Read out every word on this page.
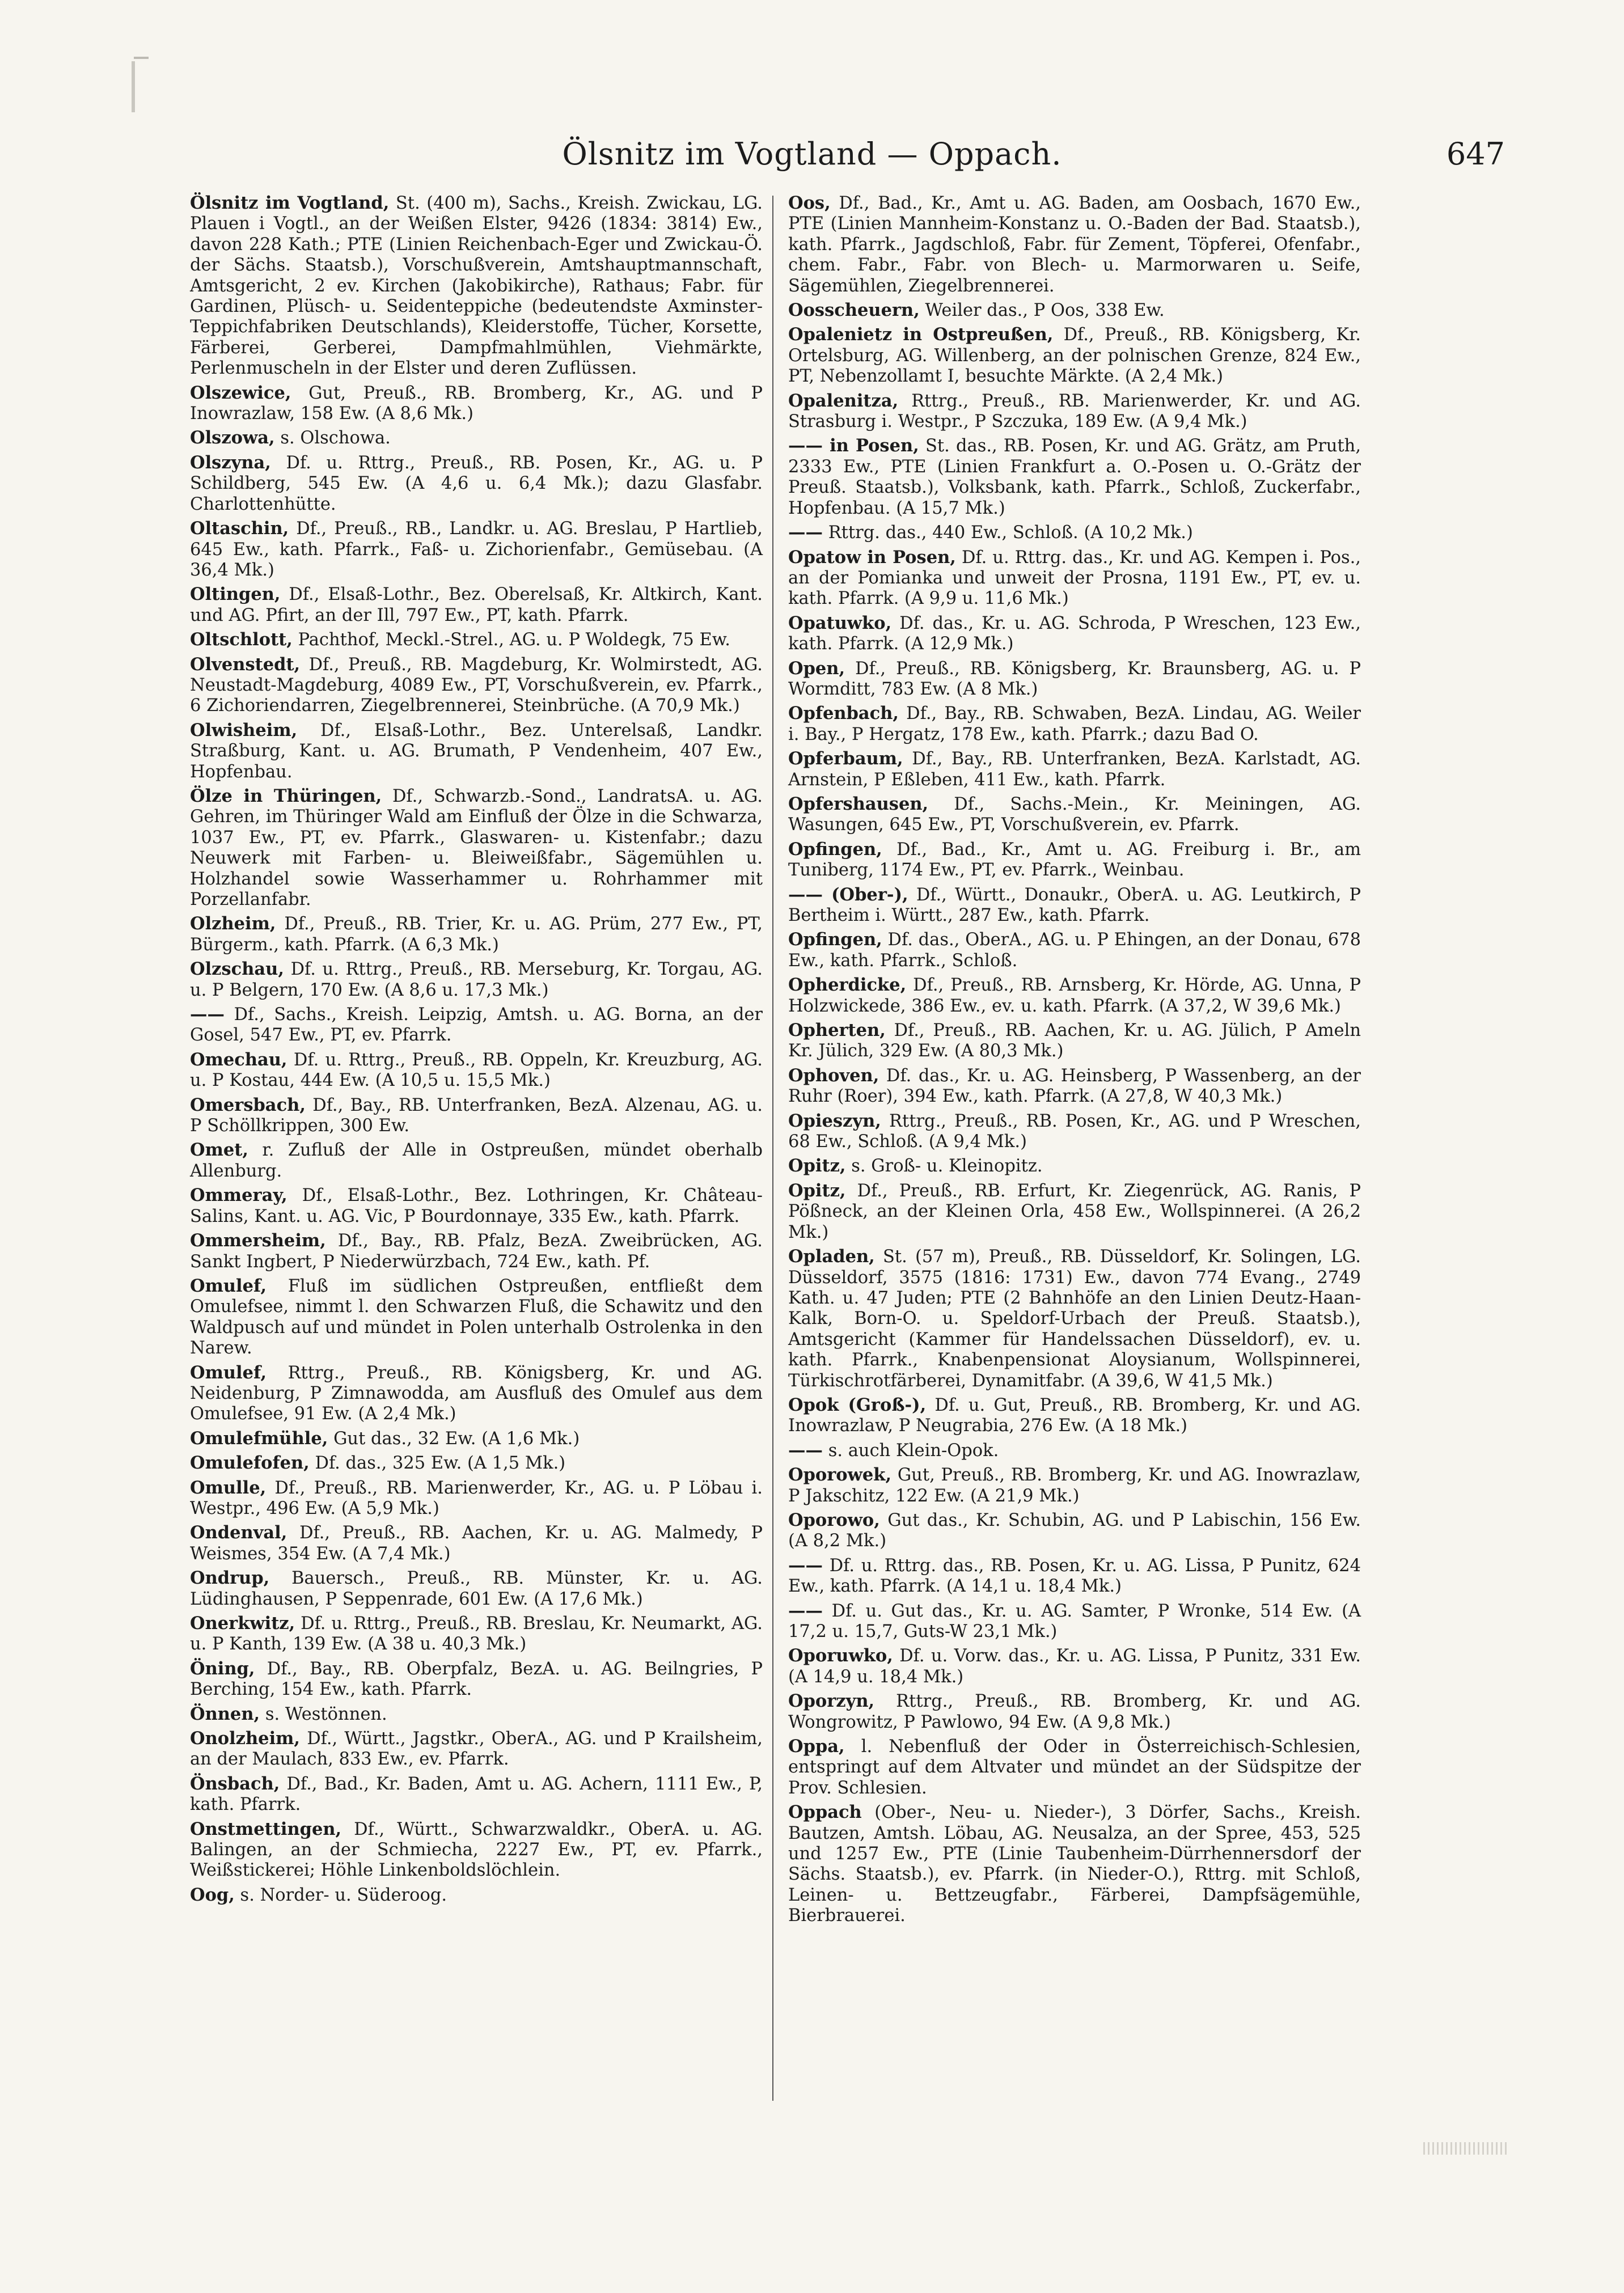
Ölsnitz im Vogtland — Oppach.	647

Ölsnitz im Vogtland, St. (400 m), Sachs., Kreish. Zwickau, LG. Plauen i Vogtl., an der Weißen Elster, 9426 (1834: 3814) Ew., davon 228 Kath.; PTE (Linien Reichenbach-Eger und Zwickau-Ö. der Sächs. Staatsb.), Vorschußverein, Amtshauptmannschaft, Amtsgericht, 2 ev. Kirchen (Jakobikirche), Rathaus; Fabr. für Gardinen, Plüsch- u. Seidenteppiche (bedeutendste Axminster-Teppichfabriken Deutschlands), Kleiderstoffe, Tücher, Korsette, Färberei, Gerberei, Dampfmahlmühlen, Viehmärkte, Perlenmuscheln in der Elster und deren Zuflüssen.

Olszewice, Gut, Preuß., RB. Bromberg, Kr., AG. und P Inowrazlaw, 158 Ew. (A 8,6 Mk.)

Olszowa, s. Olschowa.

Olszyna, Df. u. Rttrg., Preuß., RB. Posen, Kr., AG. u. P Schildberg, 545 Ew. (A 4,6 u. 6,4 Mk.); dazu Glasfabr. Charlottenhütte.

Oltaschin, Df., Preuß., RB., Landkr. u. AG. Breslau, P Hartlieb, 645 Ew., kath. Pfarrk., Faß- u. Zichorienfabr., Gemüsebau. (A 36,4 Mk.)

Oltingen, Df., Elsaß-Lothr., Bez. Oberelsaß, Kr. Altkirch, Kant. und AG. Pfirt, an der Ill, 797 Ew., PT, kath. Pfarrk.

Oltschlott, Pachthof, Meckl.-Strel., AG. u. P Woldegk, 75 Ew.

Olvenstedt, Df., Preuß., RB. Magdeburg, Kr. Wolmirstedt, AG. Neustadt-Magdeburg, 4089 Ew., PT, Vorschußverein, ev. Pfarrk., 6 Zichoriendarren, Ziegelbrennerei, Steinbrüche. (A 70,9 Mk.)

Olwisheim, Df., Elsaß-Lothr., Bez. Unterelsaß, Landkr. Straßburg, Kant. u. AG. Brumath, P Vendenheim, 407 Ew., Hopfenbau.

Ölze in Thüringen, Df., Schwarzb.-Sond., LandratsA. u. AG. Gehren, im Thüringer Wald am Einfluß der Ölze in die Schwarza, 1037 Ew., PT, ev. Pfarrk., Glaswaren- u. Kistenfabr.; dazu Neuwerk mit Farben- u. Bleiweißfabr., Sägemühlen u. Holzhandel sowie Wasserhammer u. Rohrhammer mit Porzellanfabr.

Olzheim, Df., Preuß., RB. Trier, Kr. u. AG. Prüm, 277 Ew., PT, Bürgerm., kath. Pfarrk. (A 6,3 Mk.)

Olzschau, Df. u. Rttrg., Preuß., RB. Merseburg, Kr. Torgau, AG. u. P Belgern, 170 Ew. (A 8,6 u. 17,3 Mk.)

—— Df., Sachs., Kreish. Leipzig, Amtsh. u. AG. Borna, an der Gosel, 547 Ew., PT, ev. Pfarrk.

Omechau, Df. u. Rttrg., Preuß., RB. Oppeln, Kr. Kreuzburg, AG. u. P Kostau, 444 Ew. (A 10,5 u. 15,5 Mk.)

Omersbach, Df., Bay., RB. Unterfranken, BezA. Alzenau, AG. u. P Schöllkrippen, 300 Ew.

Omet, r. Zufluß der Alle in Ostpreußen, mündet oberhalb Allenburg.

Ommeray, Df., Elsaß-Lothr., Bez. Lothringen, Kr. Château-Salins, Kant. u. AG. Vic, P Bourdonnaye, 335 Ew., kath. Pfarrk.

Ommersheim, Df., Bay., RB. Pfalz, BezA. Zweibrücken, AG. Sankt Ingbert, P Niederwürzbach, 724 Ew., kath. Pf.

Omulef, Fluß im südlichen Ostpreußen, entfließt dem Omulefsee, nimmt l. den Schwarzen Fluß, die Schawitz und den Waldpusch auf und mündet in Polen unterhalb Ostrolenka in den Narew.

Omulef, Rttrg., Preuß., RB. Königsberg, Kr. und AG. Neidenburg, P Zimnawodda, am Ausfluß des Omulef aus dem Omulefsee, 91 Ew. (A 2,4 Mk.)

Omulefmühle, Gut das., 32 Ew. (A 1,6 Mk.)

Omulefofen, Df. das., 325 Ew. (A 1,5 Mk.)

Omulle, Df., Preuß., RB. Marienwerder, Kr., AG. u. P Löbau i. Westpr., 496 Ew. (A 5,9 Mk.)

Ondenval, Df., Preuß., RB. Aachen, Kr. u. AG. Malmedy, P Weismes, 354 Ew. (A 7,4 Mk.)

Ondrup, Bauersch., Preuß., RB. Münster, Kr. u. AG. Lüdinghausen, P Seppenrade, 601 Ew. (A 17,6 Mk.)

Onerkwitz, Df. u. Rttrg., Preuß., RB. Breslau, Kr. Neumarkt, AG. u. P Kanth, 139 Ew. (A 38 u. 40,3 Mk.)

Öning, Df., Bay., RB. Oberpfalz, BezA. u. AG. Beilngries, P Berching, 154 Ew., kath. Pfarrk.

Önnen, s. Westönnen.

Onolzheim, Df., Württ., Jagstkr., OberA., AG. und P Krailsheim, an der Maulach, 833 Ew., ev. Pfarrk.

Önsbach, Df., Bad., Kr. Baden, Amt u. AG. Achern, 1111 Ew., P, kath. Pfarrk.

Onstmettingen, Df., Württ., Schwarzwaldkr., OberA. u. AG. Balingen, an der Schmiecha, 2227 Ew., PT, ev. Pfarrk., Weißstickerei; Höhle Linkenboldslöchlein.

Oog, s. Norder- u. Süderoog.

Oos, Df., Bad., Kr., Amt u. AG. Baden, am Oosbach, 1670 Ew., PTE (Linien Mannheim-Konstanz u. O.-Baden der Bad. Staatsb.), kath. Pfarrk., Jagdschloß, Fabr. für Zement, Töpferei, Ofenfabr., chem. Fabr., Fabr. von Blech- u. Marmorwaren u. Seife, Sägemühlen, Ziegelbrennerei.

Oosscheuern, Weiler das., P Oos, 338 Ew.

Opalenietz in Ostpreußen, Df., Preuß., RB. Königsberg, Kr. Ortelsburg, AG. Willenberg, an der polnischen Grenze, 824 Ew., PT, Nebenzollamt I, besuchte Märkte. (A 2,4 Mk.)

Opalenitza, Rttrg., Preuß., RB. Marienwerder, Kr. und AG. Strasburg i. Westpr., P Szczuka, 189 Ew. (A 9,4 Mk.)

—— in Posen, St. das., RB. Posen, Kr. und AG. Grätz, am Pruth, 2333 Ew., PTE (Linien Frankfurt a. O.-Posen u. O.-Grätz der Preuß. Staatsb.), Volksbank, kath. Pfarrk., Schloß, Zuckerfabr., Hopfenbau. (A 15,7 Mk.)

—— Rttrg. das., 440 Ew., Schloß. (A 10,2 Mk.)

Opatow in Posen, Df. u. Rttrg. das., Kr. und AG. Kempen i. Pos., an der Pomianka und unweit der Prosna, 1191 Ew., PT, ev. u. kath. Pfarrk. (A 9,9 u. 11,6 Mk.)

Opatuwko, Df. das., Kr. u. AG. Schroda, P Wreschen, 123 Ew., kath. Pfarrk. (A 12,9 Mk.)

Open, Df., Preuß., RB. Königsberg, Kr. Braunsberg, AG. u. P Wormditt, 783 Ew. (A 8 Mk.)

Opfenbach, Df., Bay., RB. Schwaben, BezA. Lindau, AG. Weiler i. Bay., P Hergatz, 178 Ew., kath. Pfarrk.; dazu Bad O.

Opferbaum, Df., Bay., RB. Unterfranken, BezA. Karlstadt, AG. Arnstein, P Eßleben, 411 Ew., kath. Pfarrk.

Opfershausen, Df., Sachs.-Mein., Kr. Meiningen, AG. Wasungen, 645 Ew., PT, Vorschußverein, ev. Pfarrk.

Opfingen, Df., Bad., Kr., Amt u. AG. Freiburg i. Br., am Tuniberg, 1174 Ew., PT, ev. Pfarrk., Weinbau.

—— (Ober-), Df., Württ., Donaukr., OberA. u. AG. Leutkirch, P Bertheim i. Württ., 287 Ew., kath. Pfarrk.

Opfingen, Df. das., OberA., AG. u. P Ehingen, an der Donau, 678 Ew., kath. Pfarrk., Schloß.

Opherdicke, Df., Preuß., RB. Arnsberg, Kr. Hörde, AG. Unna, P Holzwickede, 386 Ew., ev. u. kath. Pfarrk. (A 37,2, W 39,6 Mk.)

Opherten, Df., Preuß., RB. Aachen, Kr. u. AG. Jülich, P Ameln Kr. Jülich, 329 Ew. (A 80,3 Mk.)

Ophoven, Df. das., Kr. u. AG. Heinsberg, P Wassenberg, an der Ruhr (Roer), 394 Ew., kath. Pfarrk. (A 27,8, W 40,3 Mk.)

Opieszyn, Rttrg., Preuß., RB. Posen, Kr., AG. und P Wreschen, 68 Ew., Schloß. (A 9,4 Mk.)

Opitz, s. Groß- u. Kleinopitz.

Opitz, Df., Preuß., RB. Erfurt, Kr. Ziegenrück, AG. Ranis, P Pößneck, an der Kleinen Orla, 458 Ew., Wollspinnerei. (A 26,2 Mk.)

Opladen, St. (57 m), Preuß., RB. Düsseldorf, Kr. Solingen, LG. Düsseldorf, 3575 (1816: 1731) Ew., davon 774 Evang., 2749 Kath. u. 47 Juden; PTE (2 Bahnhöfe an den Linien Deutz-Haan-Kalk, Born-O. u. Speldorf-Urbach der Preuß. Staatsb.), Amtsgericht (Kammer für Handelssachen Düsseldorf), ev. u. kath. Pfarrk., Knabenpensionat Aloysianum, Wollspinnerei, Türkischrotfärberei, Dynamitfabr. (A 39,6, W 41,5 Mk.)

Opok (Groß-), Df. u. Gut, Preuß., RB. Bromberg, Kr. und AG. Inowrazlaw, P Neugrabia, 276 Ew. (A 18 Mk.)

—— s. auch Klein-Opok.

Oporowek, Gut, Preuß., RB. Bromberg, Kr. und AG. Inowrazlaw, P Jakschitz, 122 Ew. (A 21,9 Mk.)

Oporowo, Gut das., Kr. Schubin, AG. und P Labischin, 156 Ew. (A 8,2 Mk.)

—— Df. u. Rttrg. das., RB. Posen, Kr. u. AG. Lissa, P Punitz, 624 Ew., kath. Pfarrk. (A 14,1 u. 18,4 Mk.)

—— Df. u. Gut das., Kr. u. AG. Samter, P Wronke, 514 Ew. (A 17,2 u. 15,7, Guts-W 23,1 Mk.)

Oporuwko, Df. u. Vorw. das., Kr. u. AG. Lissa, P Punitz, 331 Ew. (A 14,9 u. 18,4 Mk.)

Oporzyn, Rttrg., Preuß., RB. Bromberg, Kr. und AG. Wongrowitz, P Pawlowo, 94 Ew. (A 9,8 Mk.)

Oppa, l. Nebenfluß der Oder in Österreichisch-Schlesien, entspringt auf dem Altvater und mündet an der Südspitze der Prov. Schlesien.

Oppach (Ober-, Neu- u. Nieder-), 3 Dörfer, Sachs., Kreish. Bautzen, Amtsh. Löbau, AG. Neusalza, an der Spree, 453, 525 und 1257 Ew., PTE (Linie Taubenheim-Dürrhennersdorf der Sächs. Staatsb.), ev. Pfarrk. (in Nieder-O.), Rttrg. mit Schloß, Leinen- u. Bettzeugfabr., Färberei, Dampfsägemühle, Bierbrauerei.
